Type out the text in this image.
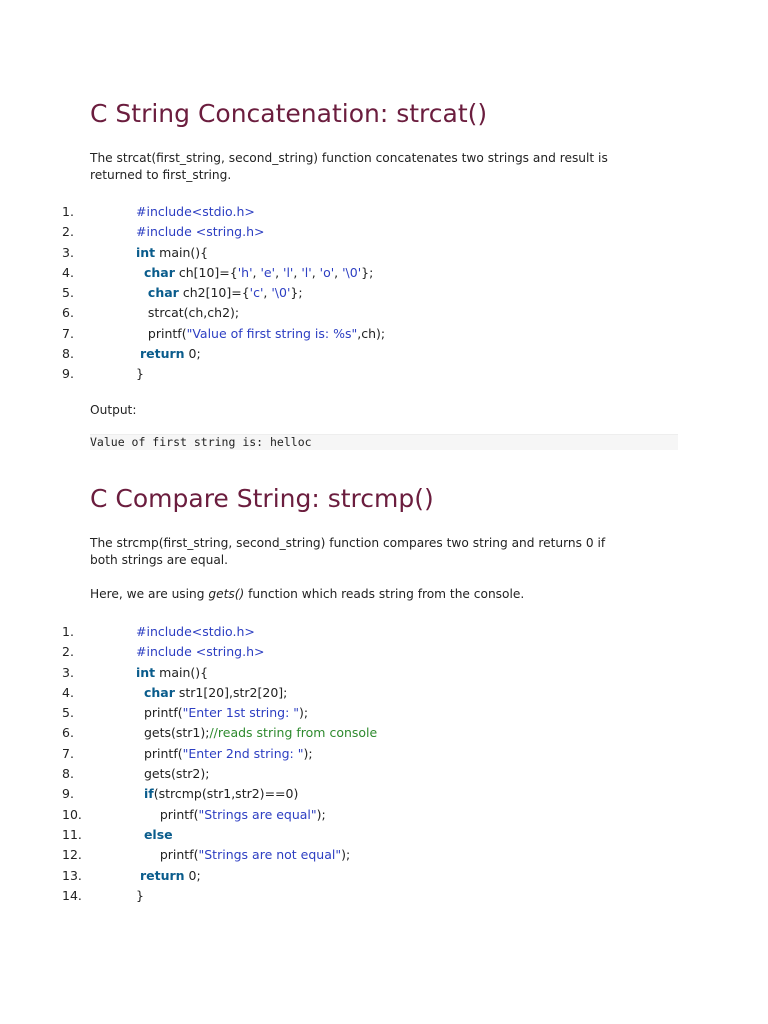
C String Concatenation: strcat()

The strcat(first_string, second_string) function concatenates two strings and result is
returned to first_string.

1.	#include<stdio.h>
2.	#include <string.h>
3.	int main(){
4.	char ch[10]={'h', 'e', 'l', 'l', 'o', '\0'};
5.	char ch2[10]={'c', '\0'};
6.	strcat(ch,ch2);
7.	printf("Value of first string is: %s",ch);
8.	return 0;
9.	}

Output:

Value of first string is: helloc
C Compare String: strcmp()

The strcmp(first_string, second_string) function compares two string and returns 0 if
both strings are equal.

Here, we are using gets() function which reads string from the console.

1.	#include<stdio.h>
2.	#include <string.h>
3.	int main(){
4.	char str1[20],str2[20];
5.	printf("Enter 1st string: ");
6.	gets(str1);//reads string from console
7.	printf("Enter 2nd string: ");
8.	gets(str2);
9.	if(strcmp(str1,str2)==0)
10.	printf("Strings are equal");
11.	else
12.	printf("Strings are not equal");
13.	return 0;
14.	}
